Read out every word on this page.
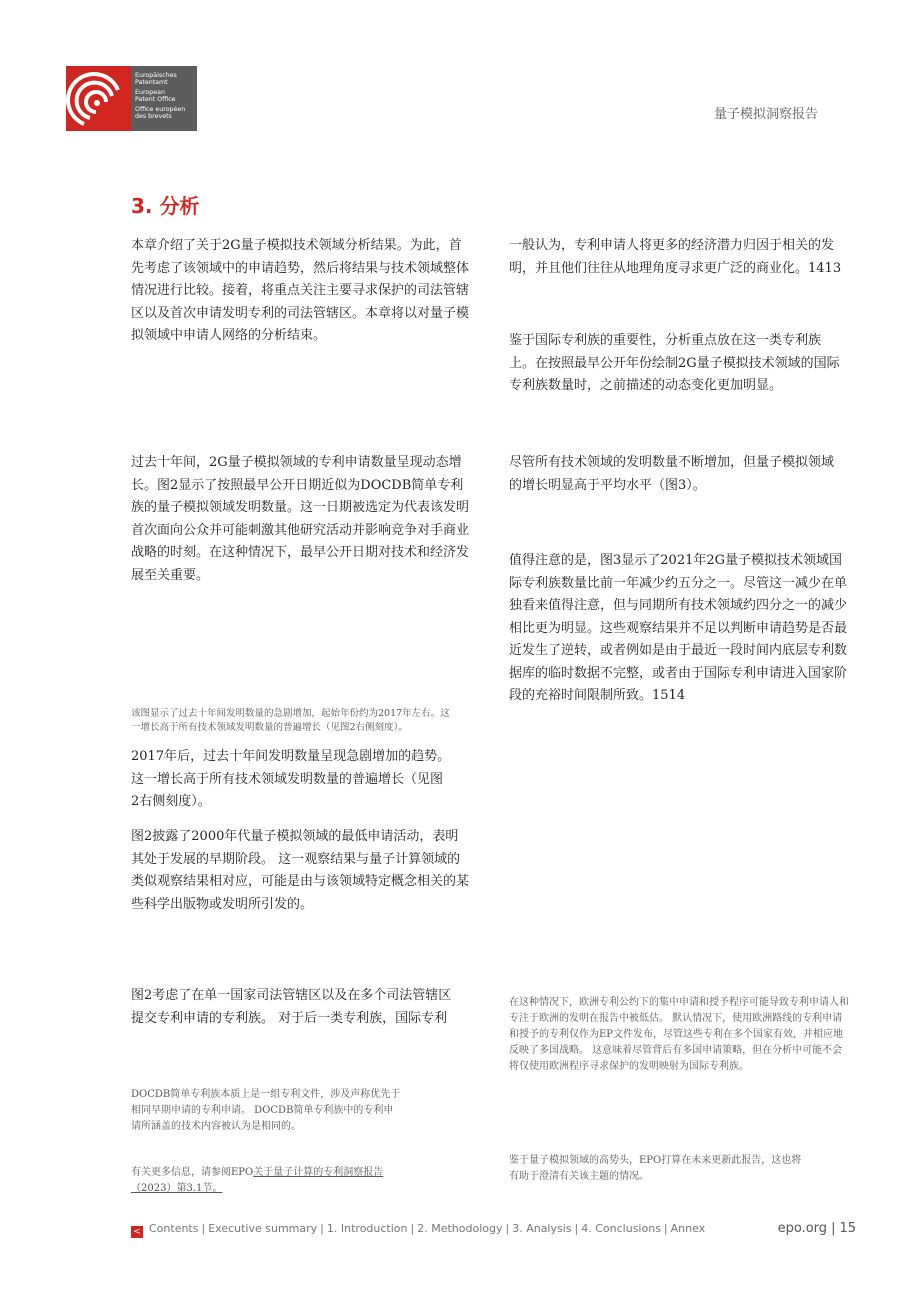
Europäisches
Patentamt
European
Patent Office
Office européen
des brevets	量子模拟洞察报告
3. 分析

本章介绍了关于2G量子模拟技术领域分析结果。为此，首先考虑了该领域中的申请趋势，然后将结果与技术领域整体情况进行比较。接着，将重点关注主要寻求保护的司法管辖区以及首次申请发明专利的司法管辖区。本章将以对量子模拟领域中申请人网络的分析结束。

过去十年间，2G量子模拟领域的专利申请数量呈现动态增长。图2显示了按照最早公开日期近似为DOCDB简单专利族的量子模拟领域发明数量。这一日期被选定为代表该发明首次面向公众并可能刺激其他研究活动并影响竞争对手商业战略的时刻。在这种情况下，最早公开日期对技术和经济发展至关重要。

该图显示了过去十年间发明数量的急剧增加，起始年份约为2017年左右。这一增长高于所有技术领域发明数量的普遍增长（见图2右侧刻度）。

2017年后，过去十年间发明数量呈现急剧增加的趋势。这一增长高于所有技术领域发明数量的普遍增长（见图2右侧刻度）。

图2披露了2000年代量子模拟领域的最低申请活动，表明其处于发展的早期阶段。 这一观察结果与量子计算领域的类似观察结果相对应，可能是由与该领域特定概念相关的某些科学出版物或发明所引发的。

图2考虑了在单一国家司法管辖区以及在多个司法管辖区提交专利申请的专利族。 对于后一类专利族，国际专利

DOCDB简单专利族本质上是一组专利文件，涉及声称优先于相同早期申请的专利申请。 DOCDB简单专利族中的专利申请所涵盖的技术内容被认为是相同的。

有关更多信息，请参阅EPO关于量子计算的专利洞察报告（2023）第3.1节。

一般认为，专利申请人将更多的经济潜力归因于相关的发明，并且他们往往从地理角度寻求更广泛的商业化。1413

鉴于国际专利族的重要性，分析重点放在这一类专利族上。在按照最早公开年份绘制2G量子模拟技术领域的国际专利族数量时，之前描述的动态变化更加明显。

尽管所有技术领域的发明数量不断增加，但量子模拟领域的增长明显高于平均水平（图3）。

值得注意的是，图3显示了2021年2G量子模拟技术领域国际专利族数量比前一年减少约五分之一。尽管这一减少在单独看来值得注意，但与同期所有技术领域约四分之一的减少相比更为明显。这些观察结果并不足以判断申请趋势是否最近发生了逆转，或者例如是由于最近一段时间内底层专利数据库的临时数据不完整，或者由于国际专利申请进入国家阶段的充裕时间限制所致。1514

在这种情况下，欧洲专利公约下的集中申请和授予程序可能导致专利申请人和专注于欧洲的发明在报告中被低估。 默认情况下，使用欧洲路线的专利申请和授予的专利仅作为EP文件发布，尽管这些专利在多个国家有效，并相应地反映了多国战略。 这意味着尽管背后有多国申请策略，但在分析中可能不会将仅使用欧洲程序寻求保护的发明映射为国际专利族。

鉴于量子模拟领域的高势头，EPO打算在未来更新此报告，这也将有助于澄清有关该主题的情况。

< Contents | Executive summary | 1. Introduction | 2. Methodology | 3. Analysis | 4. Conclusions | Annex	epo.org | 15
